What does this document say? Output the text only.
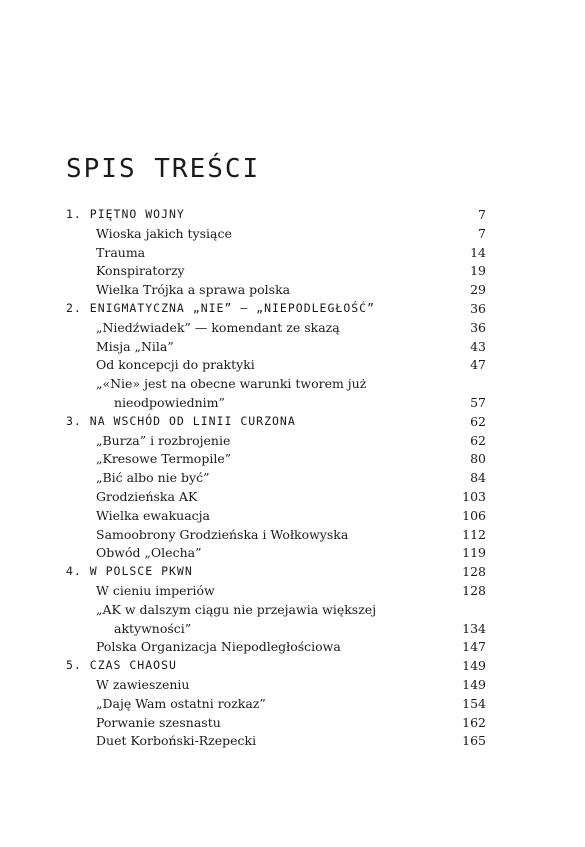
SPIS TREŚCI
1. PIĘTNO WOJNY	7
Wioska jakich tysiące	7
Trauma	14
Konspiratorzy	19
Wielka Trójka a sprawa polska	29
2. ENIGMATYCZNA „NIE” – „NIEPODLEGŁOŚĆ”	36
„Niedźwiadek” — komendant ze skazą	36
Misja „Nila”	43
Od koncepcji do praktyki	47
„«Nie» jest na obecne warunki tworem już
nieodpowiednim”	57
3. NA WSCHÓD OD LINII CURZONA	62
„Burza” i rozbrojenie	62
„Kresowe Termopile”	80
„Bić albo nie być”	84
Grodzieńska AK	103
Wielka ewakuacja	106
Samoobrony Grodzieńska i Wołkowyska	112
Obwód „Olecha”	119
4. W POLSCE PKWN	128
W cieniu imperiów	128
„AK w dalszym ciągu nie przejawia większej
aktywności”	134
Polska Organizacja Niepodległościowa	147
5. CZAS CHAOSU	149
W zawieszeniu	149
„Daję Wam ostatni rozkaz”	154
Porwanie szesnastu	162
Duet Korboński-Rzepecki	165
